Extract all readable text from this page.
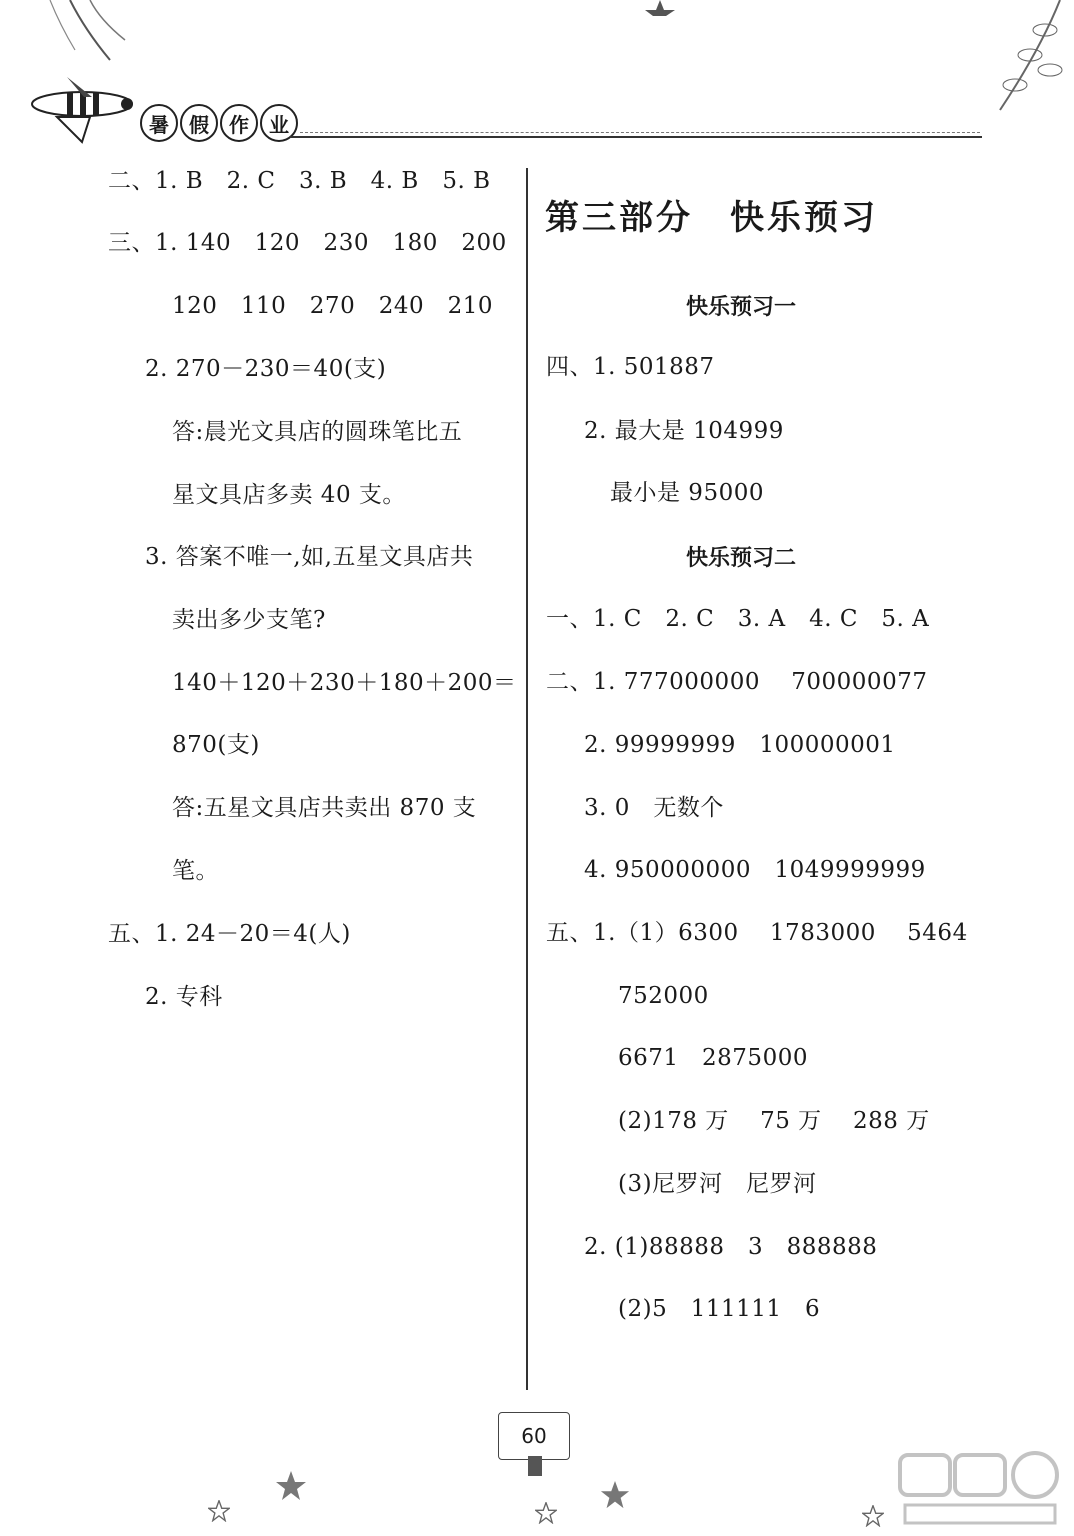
暑	假	作	业
二、1. B　2. C　3. B　4. B　5. B
三、1. 140　120　230　180　200
120　110　270　240　210
2. 270－230＝40(支)
答:晨光文具店的圆珠笔比五
星文具店多卖 40 支。
3. 答案不唯一,如,五星文具店共
卖出多少支笔?
140＋120＋230＋180＋200＝
870(支)
答:五星文具店共卖出 870 支
笔。
五、1. 24－20＝4(人)
2. 专科
第三部分　快乐预习
快乐预习一
四、1. 501887
2. 最大是 104999
最小是 95000
快乐预习二
一、1. C　2. C　3. A　4. C　5. A
二、1. 777000000　 700000077
2. 99999999　100000001
3. 0　无数个
4. 950000000　1049999999
五、1.（1）6300　 1783000　 5464
752000
6671　2875000
(2)178 万　 75 万　 288 万
(3)尼罗河　尼罗河
2. (1)88888　3　888888
(2)5　111111　6
60
